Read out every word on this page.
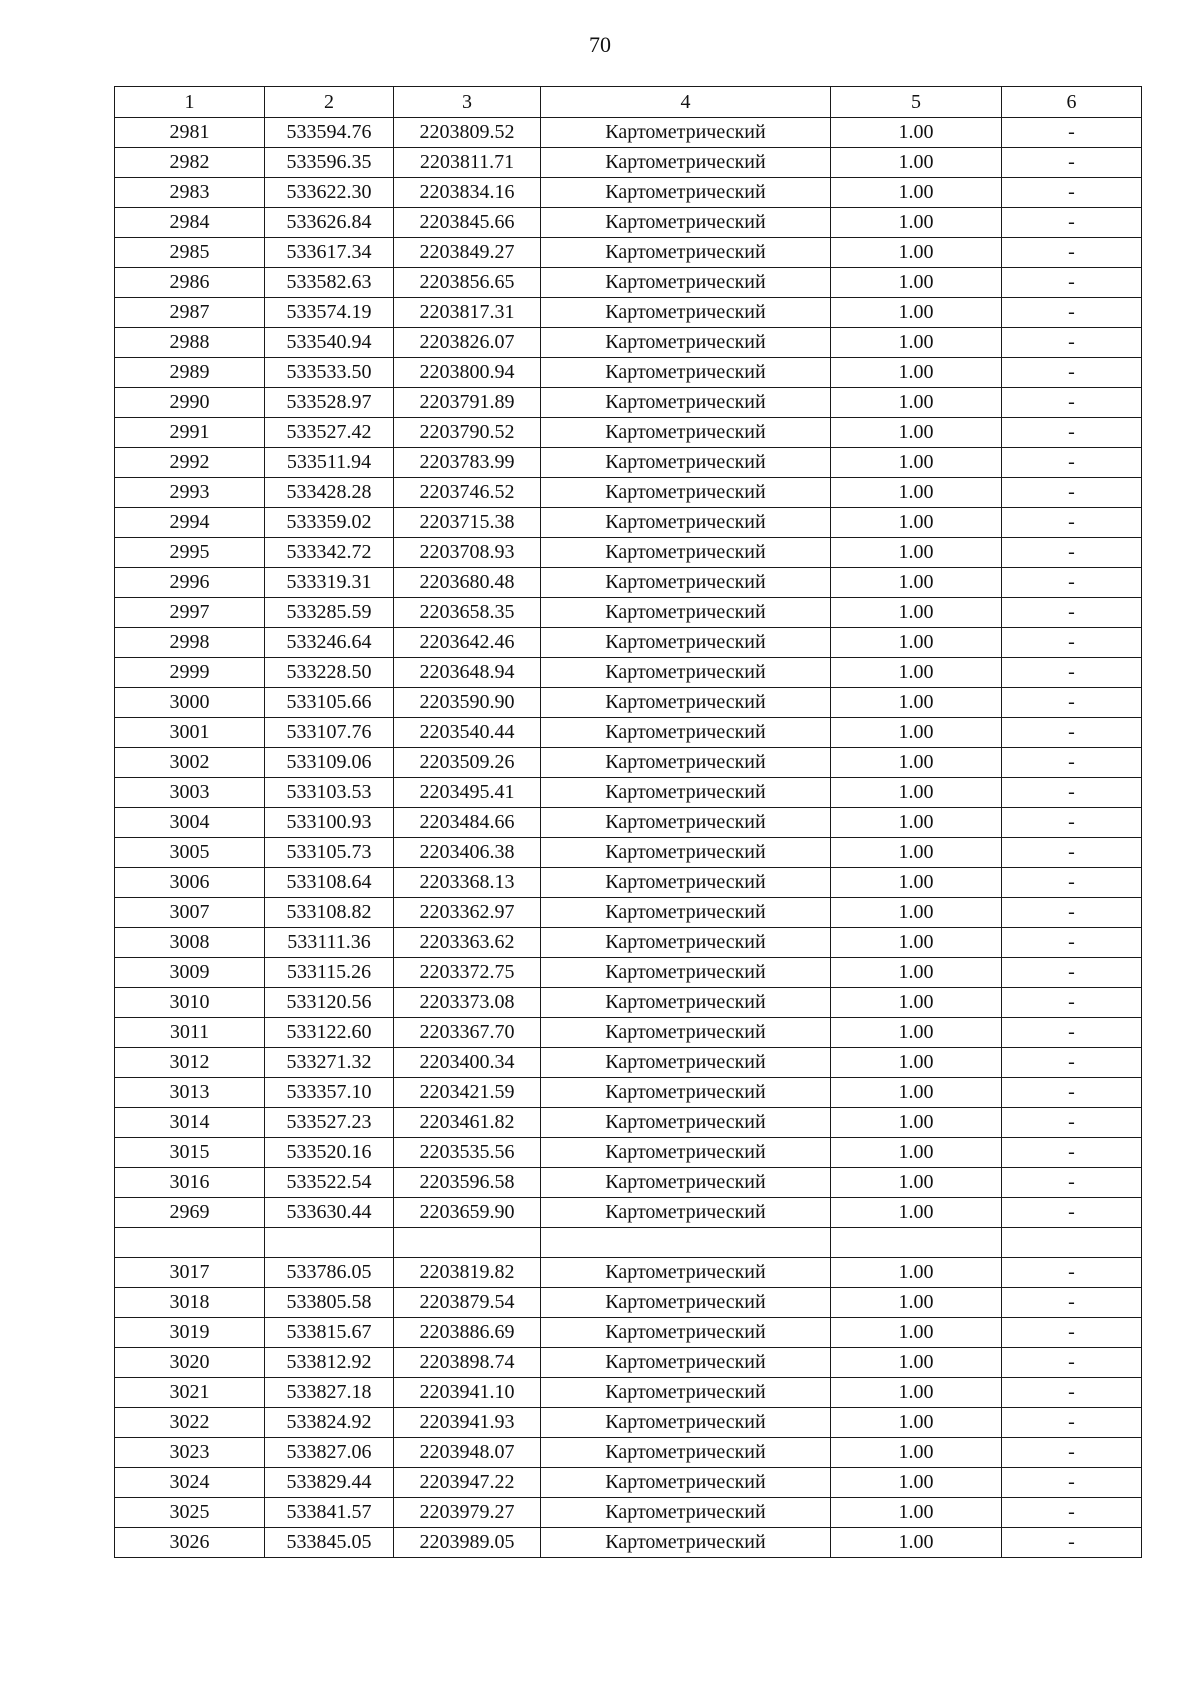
70
1	2	3	4	5	6
2981	533594.76	2203809.52	Картометрический	1.00	-
2982	533596.35	2203811.71	Картометрический	1.00	-
2983	533622.30	2203834.16	Картометрический	1.00	-
2984	533626.84	2203845.66	Картометрический	1.00	-
2985	533617.34	2203849.27	Картометрический	1.00	-
2986	533582.63	2203856.65	Картометрический	1.00	-
2987	533574.19	2203817.31	Картометрический	1.00	-
2988	533540.94	2203826.07	Картометрический	1.00	-
2989	533533.50	2203800.94	Картометрический	1.00	-
2990	533528.97	2203791.89	Картометрический	1.00	-
2991	533527.42	2203790.52	Картометрический	1.00	-
2992	533511.94	2203783.99	Картометрический	1.00	-
2993	533428.28	2203746.52	Картометрический	1.00	-
2994	533359.02	2203715.38	Картометрический	1.00	-
2995	533342.72	2203708.93	Картометрический	1.00	-
2996	533319.31	2203680.48	Картометрический	1.00	-
2997	533285.59	2203658.35	Картометрический	1.00	-
2998	533246.64	2203642.46	Картометрический	1.00	-
2999	533228.50	2203648.94	Картометрический	1.00	-
3000	533105.66	2203590.90	Картометрический	1.00	-
3001	533107.76	2203540.44	Картометрический	1.00	-
3002	533109.06	2203509.26	Картометрический	1.00	-
3003	533103.53	2203495.41	Картометрический	1.00	-
3004	533100.93	2203484.66	Картометрический	1.00	-
3005	533105.73	2203406.38	Картометрический	1.00	-
3006	533108.64	2203368.13	Картометрический	1.00	-
3007	533108.82	2203362.97	Картометрический	1.00	-
3008	533111.36	2203363.62	Картометрический	1.00	-
3009	533115.26	2203372.75	Картометрический	1.00	-
3010	533120.56	2203373.08	Картометрический	1.00	-
3011	533122.60	2203367.70	Картометрический	1.00	-
3012	533271.32	2203400.34	Картометрический	1.00	-
3013	533357.10	2203421.59	Картометрический	1.00	-
3014	533527.23	2203461.82	Картометрический	1.00	-
3015	533520.16	2203535.56	Картометрический	1.00	-
3016	533522.54	2203596.58	Картометрический	1.00	-
2969	533630.44	2203659.90	Картометрический	1.00	-

3017	533786.05	2203819.82	Картометрический	1.00	-
3018	533805.58	2203879.54	Картометрический	1.00	-
3019	533815.67	2203886.69	Картометрический	1.00	-
3020	533812.92	2203898.74	Картометрический	1.00	-
3021	533827.18	2203941.10	Картометрический	1.00	-
3022	533824.92	2203941.93	Картометрический	1.00	-
3023	533827.06	2203948.07	Картометрический	1.00	-
3024	533829.44	2203947.22	Картометрический	1.00	-
3025	533841.57	2203979.27	Картометрический	1.00	-
3026	533845.05	2203989.05	Картометрический	1.00	-
